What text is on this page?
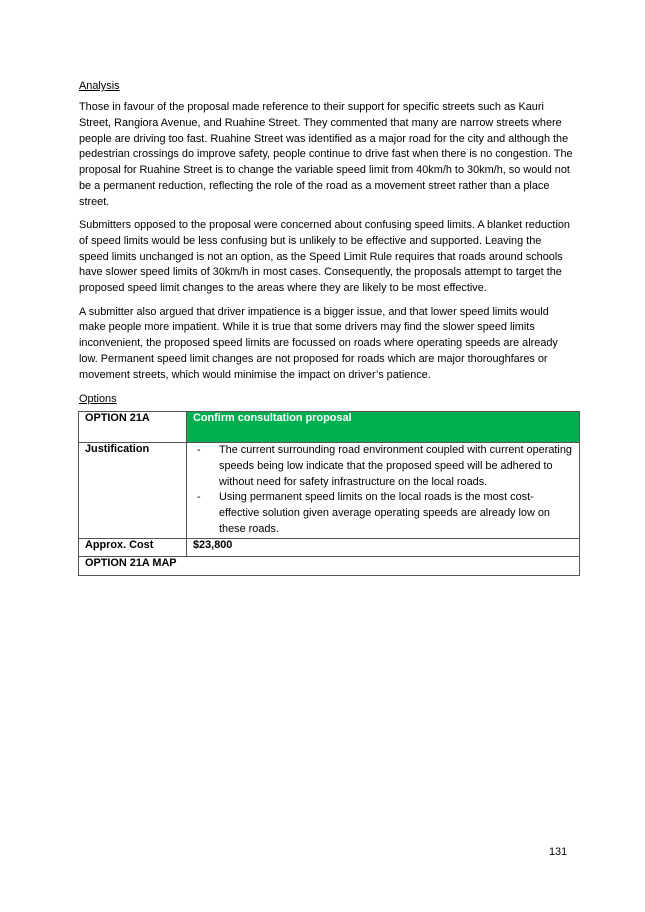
Analysis

Those in favour of the proposal made reference to their support for specific streets such as Kauri Street, Rangiora Avenue, and Ruahine Street. They commented that many are narrow streets where people are driving too fast. Ruahine Street was identified as a major road for the city and although the pedestrian crossings do improve safety, people continue to drive fast when there is no congestion. The proposal for Ruahine Street is to change the variable speed limit from 40km/h to 30km/h, so would not be a permanent reduction, reflecting the role of the road as a movement street rather than a place street.

Submitters opposed to the proposal were concerned about confusing speed limits. A blanket reduction of speed limits would be less confusing but is unlikely to be effective and supported. Leaving the speed limits unchanged is not an option, as the Speed Limit Rule requires that roads around schools have slower speed limits of 30km/h in most cases. Consequently, the proposals attempt to target the proposed speed limit changes to the areas where they are likely to be most effective.

A submitter also argued that driver impatience is a bigger issue, and that lower speed limits would make people more impatient. While it is true that some drivers may find the slower speed limits inconvenient, the proposed speed limits are focussed on roads where operating speeds are already low. Permanent speed limit changes are not proposed for roads which are major thoroughfares or movement streets, which would minimise the impact on driver’s patience.

Options
OPTION 21A	Confirm consultation proposal
Justification	- The current surrounding road environment coupled with current operating speeds being low indicate that the proposed speed will be adhered to without need for safety infrastructure on the local roads.
- Using permanent speed limits on the local roads is the most cost-effective solution given average operating speeds are already low on these roads.

Approx. Cost	$23,800
OPTION 21A MAP	
131
